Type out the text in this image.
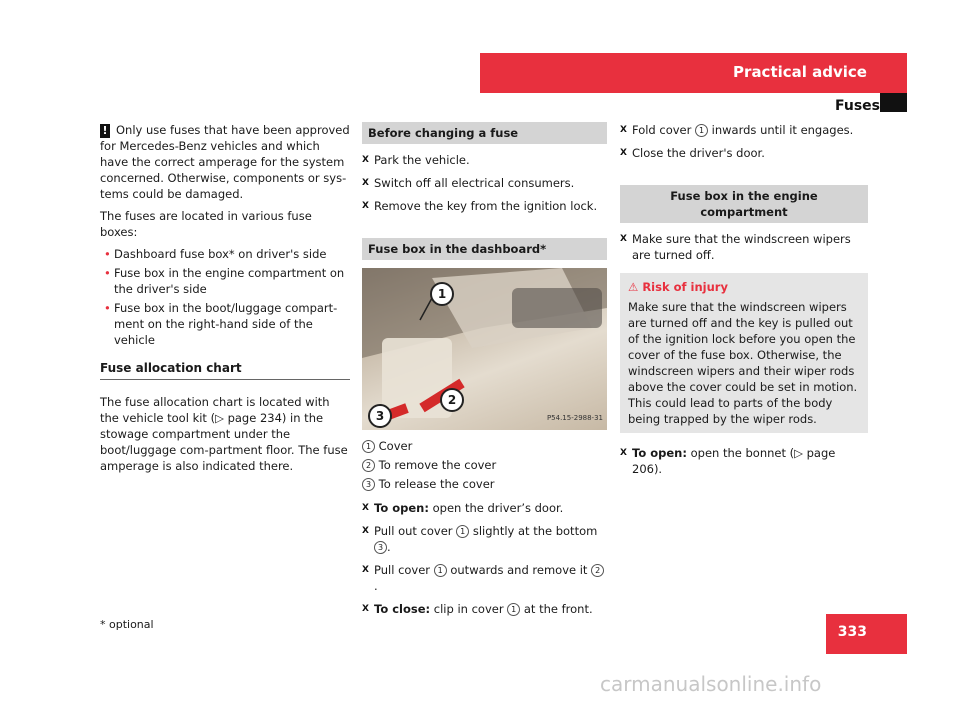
Practical advice
Fuses

! Only use fuses that have been approved for Mercedes-Benz vehicles and which have the correct amperage for the system concerned. Otherwise, components or sys-tems could be damaged.

The fuses are located in various fuse boxes:

• Dashboard fuse box* on driver's side
• Fuse box in the engine compartment on the driver's side
• Fuse box in the boot/luggage compart-ment on the right-hand side of the vehicle
Fuse allocation chart

The fuse allocation chart is located with the vehicle tool kit (▷ page 234) in the stowage compartment under the boot/luggage com-partment floor. The fuse amperage is also indicated there.

Before changing a fuse
X Park the vehicle.
X Switch off all electrical consumers.
X Remove the key from the ignition lock.
Fuse box in the dashboard*
1
2
3	P54.15-2988-31
1 Cover
2 To remove the cover
3 To release the cover
X To open: open the driver’s door.
X Pull out cover 1 slightly at the bottom
3 .
X Pull cover 1 outwards and remove it 2.
X To close: clip in cover 1 at the front.
X Fold cover 1 inwards until it engages.
X Close the driver's door.
Fuse box in the engine compartment
X Make sure that the windscreen wipers are turned off.
⚠ Risk of injury
Make sure that the windscreen wipers are turned off and the key is pulled out of the ignition lock before you open the cover of the fuse box. Otherwise, the windscreen wipers and their wiper rods above the cover could be set in motion. This could lead to parts of the body being trapped by the wiper rods.
X To open: open the bonnet (▷ page 206).
* optional	333
carmanualsonline.info
